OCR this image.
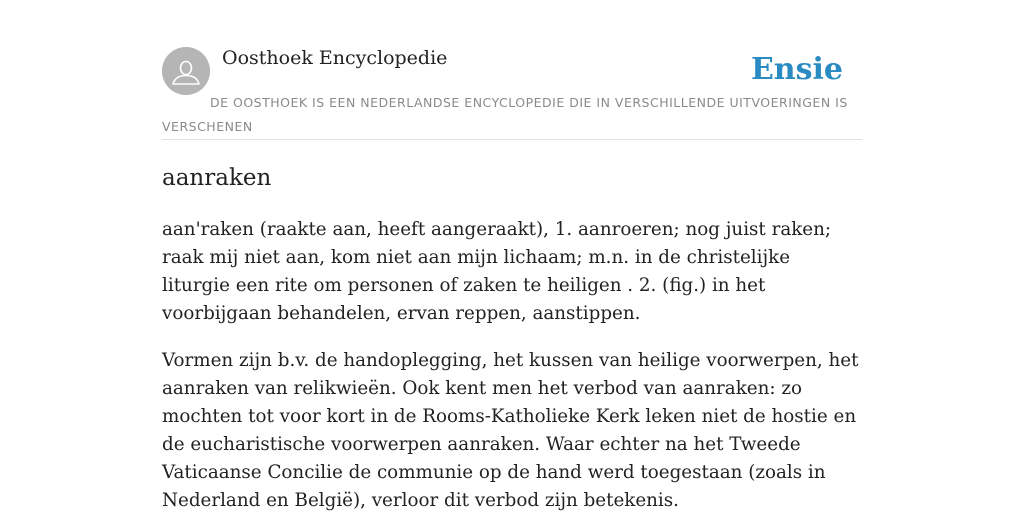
Oosthoek Encyclopedie	Ensie
DE OOSTHOEK IS EEN NEDERLANDSE ENCYCLOPEDIE DIE IN VERSCHILLENDE UITVOERINGEN IS VERSCHENEN
aanraken

aan'raken (raakte aan, heeft aangeraakt), 1. aanroeren; nog juist raken; raak mij niet aan, kom niet aan mijn lichaam; m.n. in de christelijke liturgie een rite om personen of zaken te heiligen . 2. (fig.) in het voorbijgaan behandelen, ervan reppen, aanstippen.

Vormen zijn b.v. de handoplegging, het kussen van heilige voorwerpen, het aanraken van relikwieën. Ook kent men het verbod van aanraken: zo mochten tot voor kort in de Rooms-Katholieke Kerk leken niet de hostie en de eucharistische voorwerpen aanraken. Waar echter na het Tweede Vaticaanse Concilie de communie op de hand werd toegestaan (zoals in Nederland en België), verloor dit verbod zijn betekenis.
